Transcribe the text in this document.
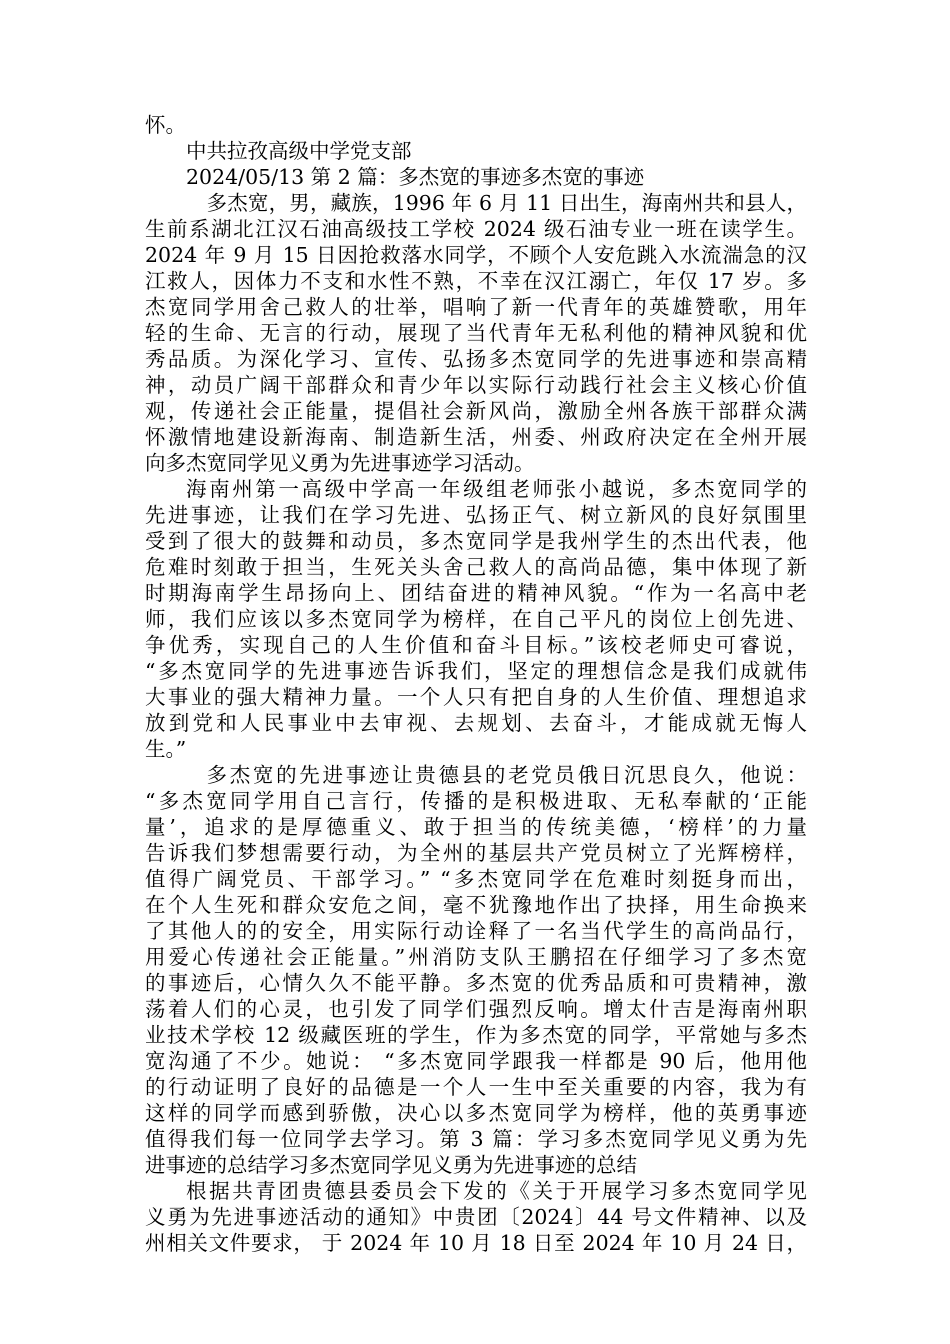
怀。
中共拉孜高级中学党支部
2024/05/13 第 2 篇：多杰宽的事迹多杰宽的事迹
多杰宽，男，藏族，1996 年 6 月 11 日出生，海南州共和县人，
生前系湖北江汉石油高级技工学校 2024 级石油专业一班在读学生。
2024 年 9 月 15 日因抢救落水同学，不顾个人安危跳入水流湍急的汉
江救人，因体力不支和水性不熟，不幸在汉江溺亡，年仅 17 岁。多
杰宽同学用舍己救人的壮举，唱响了新一代青年的英雄赞歌，用年
轻的生命、无言的行动，展现了当代青年无私利他的精神风貌和优
秀品质。为深化学习、宣传、弘扬多杰宽同学的先进事迹和崇高精
神，动员广阔干部群众和青少年以实际行动践行社会主义核心价值
观，传递社会正能量，提倡社会新风尚，激励全州各族干部群众满
怀激情地建设新海南、制造新生活，州委、州政府决定在全州开展
向多杰宽同学见义勇为先进事迹学习活动。
海南州第一高级中学高一年级组老师张小越说，多杰宽同学的
先进事迹，让我们在学习先进、弘扬正气、树立新风的良好氛围里
受到了很大的鼓舞和动员，多杰宽同学是我州学生的杰出代表，他
危难时刻敢于担当，生死关头舍己救人的高尚品德，集中体现了新
时期海南学生昂扬向上、团结奋进的精神风貌。“作为一名高中老
师，我们应该以多杰宽同学为榜样，在自己平凡的岗位上创先进、
争优秀，实现自己的人生价值和奋斗目标。”该校老师史可睿说，
“多杰宽同学的先进事迹告诉我们，坚定的理想信念是我们成就伟
大事业的强大精神力量。一个人只有把自身的人生价值、理想追求
放到党和人民事业中去审视、去规划、去奋斗，才能成就无悔人
生。”
多杰宽的先进事迹让贵德县的老党员俄日沉思良久，他说：
“多杰宽同学用自己言行，传播的是积极进取、无私奉献的‘正能
量’，追求的是厚德重义、敢于担当的传统美德，‘榜样’的力量
告诉我们梦想需要行动，为全州的基层共产党员树立了光辉榜样，
值得广阔党员、干部学习。” “多杰宽同学在危难时刻挺身而出，
在个人生死和群众安危之间，毫不犹豫地作出了抉择，用生命换来
了其他人的的安全，用实际行动诠释了一名当代学生的高尚品行，
用爱心传递社会正能量。”州消防支队王鹏招在仔细学习了多杰宽
的事迹后，心情久久不能平静。多杰宽的优秀品质和可贵精神，激
荡着人们的心灵，也引发了同学们强烈反响。增太什吉是海南州职
业技术学校 12 级藏医班的学生，作为多杰宽的同学，平常她与多杰
宽沟通了不少。她说： “多杰宽同学跟我一样都是 90 后，他用他
的行动证明了良好的品德是一个人一生中至关重要的内容，我为有
这样的同学而感到骄傲，决心以多杰宽同学为榜样，他的英勇事迹
值得我们每一位同学去学习。第 3 篇：学习多杰宽同学见义勇为先
进事迹的总结学习多杰宽同学见义勇为先进事迹的总结
根据共青团贵德县委员会下发的《关于开展学习多杰宽同学见
义勇为先进事迹活动的通知》中贵团〔2024〕44 号文件精神、以及
州相关文件要求， 于 2024 年 10 月 18 日至 2024 年 10 月 24 日，
